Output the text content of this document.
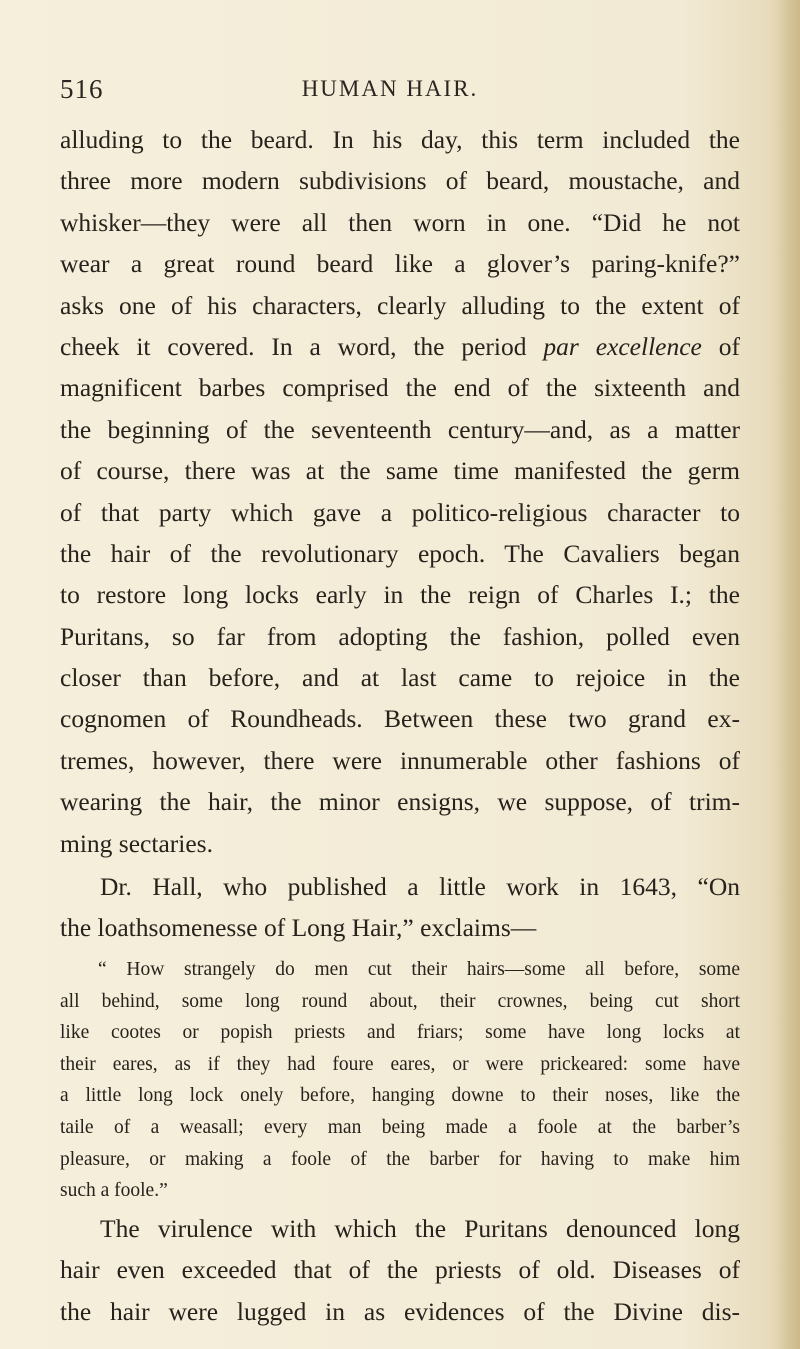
516	HUMAN HAIR.
alluding to the beard. In his day, this term included the
three more modern subdivisions of beard, moustache, and
whisker—they were all then worn in one. “Did he not
wear a great round beard like a glover’s paring-knife?”
asks one of his characters, clearly alluding to the extent of
cheek it covered. In a word, the period par excellence of
magnificent barbes comprised the end of the sixteenth and
the beginning of the seventeenth century—and, as a matter
of course, there was at the same time manifested the germ
of that party which gave a politico-religious character to
the hair of the revolutionary epoch. The Cavaliers began
to restore long locks early in the reign of Charles I.; the
Puritans, so far from adopting the fashion, polled even
closer than before, and at last came to rejoice in the
cognomen of Roundheads. Between these two grand ex-
tremes, however, there were innumerable other fashions of
wearing the hair, the minor ensigns, we suppose, of trim-
ming sectaries.
Dr. Hall, who published a little work in 1643, “On
the loathsomenesse of Long Hair,” exclaims—
“ How strangely do men cut their hairs—some all before, some
all behind, some long round about, their crownes, being cut short
like cootes or popish priests and friars; some have long locks at
their eares, as if they had foure eares, or were prickeared: some have
a little long lock onely before, hanging downe to their noses, like the
taile of a weasall; every man being made a foole at the barber’s
pleasure, or making a foole of the barber for having to make him
such a foole.”
The virulence with which the Puritans denounced long
hair even exceeded that of the priests of old. Diseases of
the hair were lugged in as evidences of the Divine dis-
